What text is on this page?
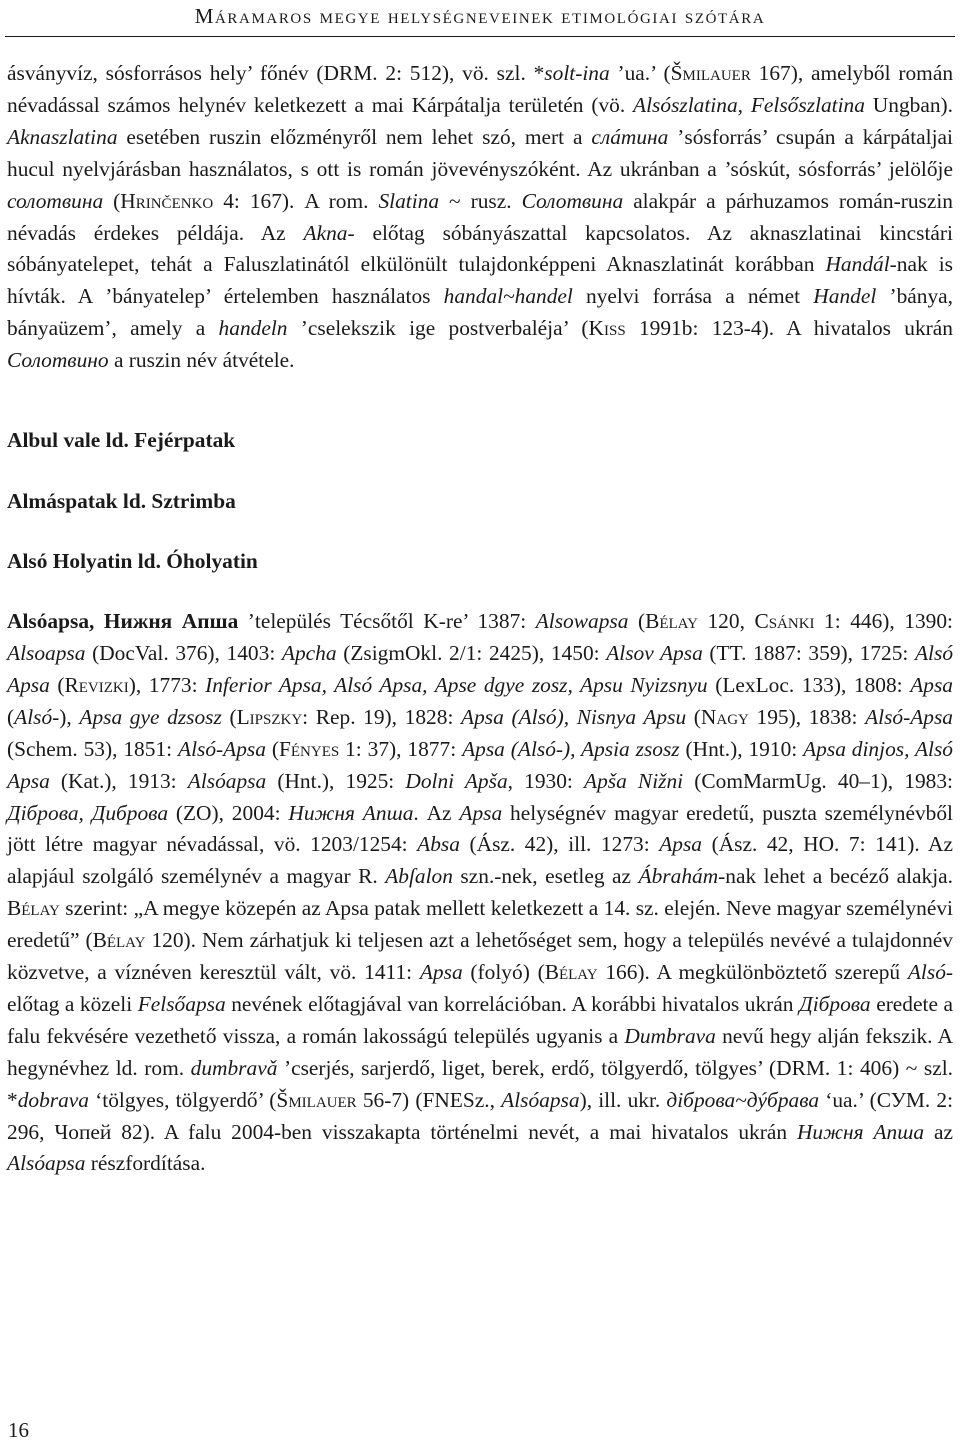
Máramaros megye helységneveinek etimológiai szótára

ásványvíz, sósforrásos hely’ főnév (DRM. 2: 512), vö. szl. *solt-ina ’ua.’ (Šmilauer 167), amelyből román névadással számos helynév keletkezett a mai Kárpátalja területén (vö. Alsószlatina, Felsőszlatina Ungban). Aknaszlatina esetében ruszin előzményről nem lehet szó, mert a слáтина ’sósforrás’ csupán a kárpátaljai hucul nyelvjárásban használatos, s ott is román jövevényszóként. Az ukránban a ’sóskút, sósforrás’ jelölője солотвина (Hrinčenko 4: 167). A rom. Slatina ~ rusz. Солотвина alakpár a párhuzamos román-ruszin névadás érdekes példája. Az Akna- előtag sóbányászattal kapcsolatos. Az aknaszlatinai kincstári sóbányatelepet, tehát a Faluszlatinától elkülönült tulajdonképpeni Aknaszlatinát korábban Handál-nak is hívták. A ’bányatelep’ értelemben használatos handal~handel nyelvi forrása a német Handel ’bánya, bányaüzem’, amely a handeln ’cselekszik ige postverbaléja’ (Kiss 1991b: 123-4). A hivatalos ukrán Солотвино a ruszin név átvétele.

Albul vale ld. Fejérpatak

Almáspatak ld. Sztrimba

Alsó Holyatin ld. Óholyatin

Alsóapsa, Нижня Апша ’település Técsőtől K-re’ 1387: Alsowapsa (Bélay 120, Csánki 1: 446), 1390: Alsoapsa (DocVal. 376), 1403: Apcha (ZsigmOkl. 2/1: 2425), 1450: Alsov Apsa (TT. 1887: 359), 1725: Alsó Apsa (Revizki), 1773: Inferior Apsa, Alsó Apsa, Apse dgye zosz, Apsu Nyizsnyu (LexLoc. 133), 1808: Apsa (Alsó-), Apsa gye dzsosz (Lipszky: Rep. 19), 1828: Apsa (Alsó), Nisnya Apsu (Nagy 195), 1838: Alsó-Apsa (Schem. 53), 1851: Alsó-Apsa (Fényes 1: 37), 1877: Apsa (Alsó-), Apsia zsosz (Hnt.), 1910: Apsa dinjos, Alsó Apsa (Kat.), 1913: Alsóapsa (Hnt.), 1925: Dolni Apša, 1930: Apša Nižni (ComMarmUg. 40–1), 1983: Діброва, Диброва (ZO), 2004: Нижня Апша. Az Apsa helységnév magyar eredetű, puszta személynévből jött létre magyar névadással, vö. 1203/1254: Absa (Ász. 42), ill. 1273: Apsa (Ász. 42, HO. 7: 141). Az alapjául szolgáló személynév a magyar R. Abſalon szn.-nek, esetleg az Ábrahám-nak lehet a becéző alakja. Bélay szerint: „A megye közepén az Apsa patak mellett keletkezett a 14. sz. elején. Neve magyar személynévi eredetű” (Bélay 120). Nem zárhatjuk ki teljesen azt a lehetőséget sem, hogy a település nevévé a tulajdonnév közvetve, a víznéven keresztül vált, vö. 1411: Apsa (folyó) (Bélay 166). A megkülönböztető szerepű Alsó- előtag a közeli Felsőapsa nevének előtagjával van korrelációban. A korábbi hivatalos ukrán Діброва eredete a falu fekvésére vezethető vissza, a román lakosságú település ugyanis a Dumbrava nevű hegy alján fekszik. A hegynévhez ld. rom. dumbravǎ ’cserjés, sarjerdő, liget, berek, erdő, tölgyerdő, tölgyes’ (DRM. 1: 406) ~ szl. *dobrava ‘tölgyes, tölgyerdő’ (Šmilauer 56-7) (FNESz., Alsóapsa), ill. ukr. діброва~дýбрава ‘ua.’ (СУМ. 2: 296, Чопей 82). A falu 2004-ben visszakapta történelmi nevét, a mai hivatalos ukrán Нижня Апша az Alsóapsa részfordítása.

16
